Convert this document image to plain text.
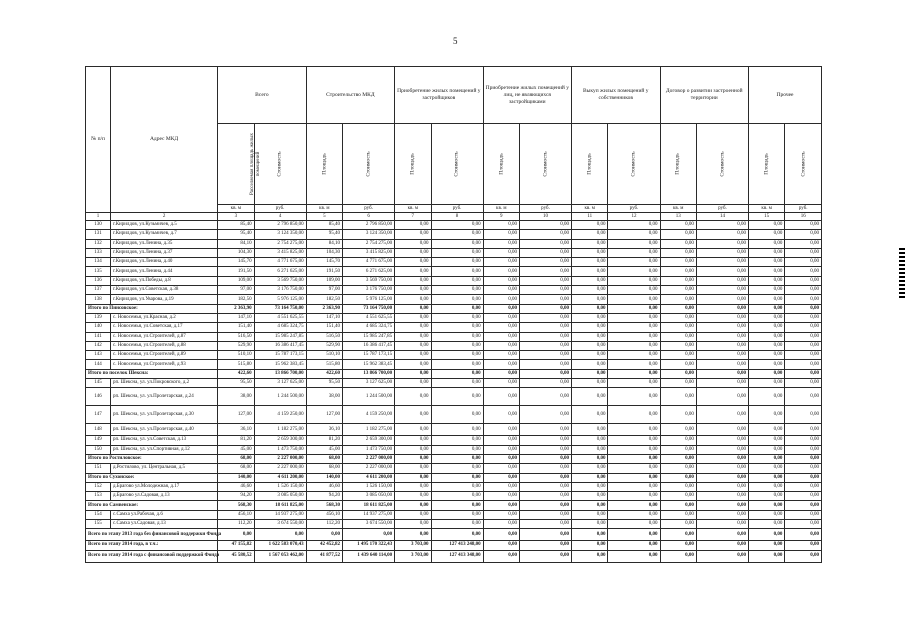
5
№ п/п	Адрес МКД	Всего		Строительство МКД		Приобретение жилых помещений у застройщиков		Приобретение жилых помещений у лиц, не являющихся застройщиками		Выкуп жилых помещений у собственников		Договор о развитии застроенной территории		Прочее	
		Расселяемая площадь жилых помещений	Стоимость	Площадь	Стоимость	Площадь	Стоимость	Площадь	Стоимость	Площадь	Стоимость	Площадь	Стоимость	Площадь	Стоимость
		кв. м	руб.	кв. м	руб.	кв. м	руб.	кв. м	руб.	кв. м	руб.	кв. м	руб.	кв. м	руб.
1	2	3	4	5	6	7	8	9	10	11	12	13	14	15	16
130	г.Кирилдов, ул.Кузьмичев, д.5	85,40	2 796 850,00	85,40	2 796 850,00	0,00	0,00	0,00	0,00	0,00	0,00	0,00	0,00	0,00	0,00
131	г.Кирилдов, ул.Кузьмичев, д.7	95,40	3 124 350,00	95,40	3 124 350,00	0,00	0,00	0,00	0,00	0,00	0,00	0,00	0,00	0,00	0,00
132	г.Кирилдов, ул.Ленина, д.35	84,10	2 754 275,00	84,10	2 754 275,00	0,00	0,00	0,00	0,00	0,00	0,00	0,00	0,00	0,00	0,00
133	г.Кирилдов, ул.Ленина, д.37	104,30	3 415 825,00	104,30	3 415 825,00	0,00	0,00	0,00	0,00	0,00	0,00	0,00	0,00	0,00	0,00
134	г.Кирилдов, ул.Ленина, д.40	145,70	4 771 675,00	145,70	4 771 675,00	0,00	0,00	0,00	0,00	0,00	0,00	0,00	0,00	0,00	0,00
135	г.Кирилдов, ул.Ленина, д.44	191,50	6 271 625,00	191,50	6 271 625,00	0,00	0,00	0,00	0,00	0,00	0,00	0,00	0,00	0,00	0,00
136	г.Кирилдов, ул.Победы, д.8	109,00	3 569 750,00	109,00	3 569 750,00	0,00	0,00	0,00	0,00	0,00	0,00	0,00	0,00	0,00	0,00
137	г.Кирилдов, ул.Советская, д.38	97,00	3 176 750,00	97,00	3 176 750,00	0,00	0,00	0,00	0,00	0,00	0,00	0,00	0,00	0,00	0,00
138	г.Кирилдов, ул.Уварова, д.19	182,50	5 976 125,00	182,50	5 976 125,00	0,00	0,00	0,00	0,00	0,00	0,00	0,00	0,00	0,00	0,00
Итого по Пинсовское:		2 363,90	73 164 750,00	2 363,90	73 164 750,00	0,00	0,00	0,00	0,00	0,00	0,00	0,00	0,00	0,00	0,00
139	с. Новосемья, ул.Красная, д.2	147,10	4 551 625,55	147,10	4 551 625,55	0,00	0,00	0,00	0,00	0,00	0,00	0,00	0,00	0,00	0,00
140	с. Новосемья, ул.Советская, д.17	151,40	4 685 324,75	151,40	4 685 324,75	0,00	0,00	0,00	0,00	0,00	0,00	0,00	0,00	0,00	0,00
141	с. Новосемья, ул.Строителей, д.87	516,50	15 985 247,85	516,50	15 985 247,85	0,00	0,00	0,00	0,00	0,00	0,00	0,00	0,00	0,00	0,00
142	с. Новосемья, ул.Строителей, д.88	529,90	16 386 417,45	529,90	16 386 417,45	0,00	0,00	0,00	0,00	0,00	0,00	0,00	0,00	0,00	0,00
143	с. Новосемья, ул.Строителей, д.89	510,10	15 787 173,15	510,10	15 787 173,15	0,00	0,00	0,00	0,00	0,00	0,00	0,00	0,00	0,00	0,00
144	с. Новосемья, ул.Строителей, д.93	515,80	15 962 383,45	515,80	15 962 383,45	0,00	0,00	0,00	0,00	0,00	0,00	0,00	0,00	0,00	0,00
Итого по поселок Шексна:		422,60	13 866 700,00	422,60	13 866 700,00	0,00	0,00	0,00	0,00	0,00	0,00	0,00	0,00	0,00	0,00
145	рп. Шексна, ул. ул.Покровского, д.2	95,50	3 127 625,00	95,50	3 127 625,00	0,00	0,00	0,00	0,00	0,00	0,00	0,00	0,00	0,00	0,00
146	рп. Шексна, ул. ул.Пролетарская, д.24	38,00	1 244 500,00	38,00	1 244 500,00	0,00	0,00	0,00	0,00	0,00	0,00	0,00	0,00	0,00	0,00
147	рп. Шексна, ул. ул.Пролетарская, д.30	127,00	4 159 250,00	127,00	4 159 250,00	0,00	0,00	0,00	0,00	0,00	0,00	0,00	0,00	0,00	0,00
148	рп. Шексна, ул. ул.Пролетарская, д.40	36,10	1 182 275,00	36,10	1 182 275,00	0,00	0,00	0,00	0,00	0,00	0,00	0,00	0,00	0,00	0,00
149	рп. Шексна, ул. ул.Советская, д.13	81,20	2 659 300,00	81,20	2 659 300,00	0,00	0,00	0,00	0,00	0,00	0,00	0,00	0,00	0,00	0,00
150	рп. Шексна, ул. ул.Спортивная, д.12	45,00	1 473 750,00	45,00	1 473 750,00	0,00	0,00	0,00	0,00	0,00	0,00	0,00	0,00	0,00	0,00
Итого по Ростиловское:		68,00	2 227 000,00	68,00	2 227 000,00	0,00	0,00	0,00	0,00	0,00	0,00	0,00	0,00	0,00	0,00
151	д.Ростилово, ул. Центральная, д.5	68,00	2 227 000,00	68,00	2 227 000,00	0,00	0,00	0,00	0,00	0,00	0,00	0,00	0,00	0,00	0,00
Итого по Сухонское:		140,00	4 611 200,00	140,00	4 611 200,00	0,00	0,00	0,00	0,00	0,00	0,00	0,00	0,00	0,00	0,00
152	д.Брагово ул.Молодежная, д.17	46,60	1 526 150,00	46,60	1 526 150,00	0,00	0,00	0,00	0,00	0,00	0,00	0,00	0,00	0,00	0,00
153	д.Брагово ул.Садовая, д.13	94,20	3 085 050,00	94,20	3 085 050,00	0,00	0,00	0,00	0,00	0,00	0,00	0,00	0,00	0,00	0,00
Итого по Самвенское:		568,30	18 611 825,00	568,30	18 611 825,00	0,00	0,00	0,00	0,00	0,00	0,00	0,00	0,00	0,00	0,00
154	с.Самха ул.Рабочая, д.6	456,10	14 937 275,00	456,10	14 937 275,00	0,00	0,00	0,00	0,00	0,00	0,00	0,00	0,00	0,00	0,00
155	с.Самха ул.Садовая, д.13	112,20	3 674 550,00	112,20	3 674 550,00	0,00	0,00	0,00	0,00	0,00	0,00	0,00	0,00	0,00	0,00
Всего по этапу 2013 года без финансовой поддержки Фонда		0,00	0,00	0,00	0,00	0,00	0,00	0,00	0,00	0,00	0,00	0,00	0,00	0,00	0,00
Всего по этапу 2014 года, в т.ч.:		47 155,82	1 622 583 070,43	42 452,82	1 495 170 322,43	3 703,00	127 413 248,00	0,00	0,00	0,00	0,00	0,00	0,00	0,00	0,00
Всего по этапу 2014 года с финансовой поддержкой Фонда		45 580,52	1 567 053 462,00	41 877,52	1 439 640 114,00	3 703,00	127 413 348,00	0,00	0,00	0,00	0,00	0,00	0,00	0,00	0,00
